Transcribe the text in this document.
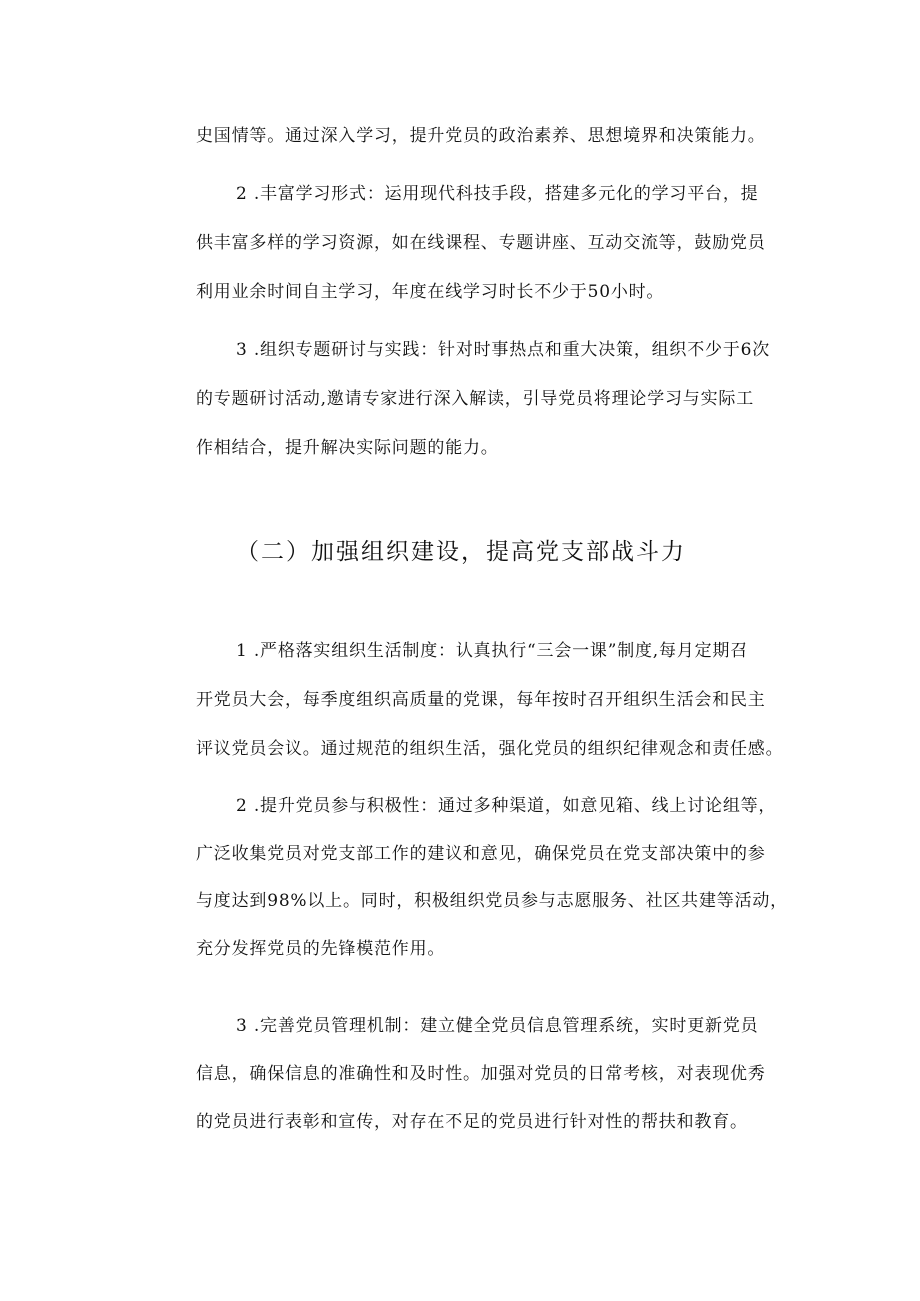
史国情等。通过深入学习，提升党员的政治素养、思想境界和决策能力。
2 .丰富学习形式：运用现代科技手段，搭建多元化的学习平台，提
供丰富多样的学习资源，如在线课程、专题讲座、互动交流等，鼓励党员
利用业余时间自主学习，年度在线学习时长不少于50小时。
3 .组织专题研讨与实践：针对时事热点和重大决策，组织不少于6次
的专题研讨活动,邀请专家进行深入解读，引导党员将理论学习与实际工
作相结合，提升解决实际问题的能力。
（二）加强组织建设，提高党支部战斗力
1 .严格落实组织生活制度：认真执行“三会一课”制度,每月定期召
开党员大会，每季度组织高质量的党课，每年按时召开组织生活会和民主
评议党员会议。通过规范的组织生活，强化党员的组织纪律观念和责任感。
2 .提升党员参与积极性：通过多种渠道，如意见箱、线上讨论组等，
广泛收集党员对党支部工作的建议和意见，确保党员在党支部决策中的参
与度达到98%以上。同时，积极组织党员参与志愿服务、社区共建等活动，
充分发挥党员的先锋模范作用。
3 .完善党员管理机制：建立健全党员信息管理系统，实时更新党员
信息，确保信息的准确性和及时性。加强对党员的日常考核，对表现优秀
的党员进行表彰和宣传，对存在不足的党员进行针对性的帮扶和教育。
